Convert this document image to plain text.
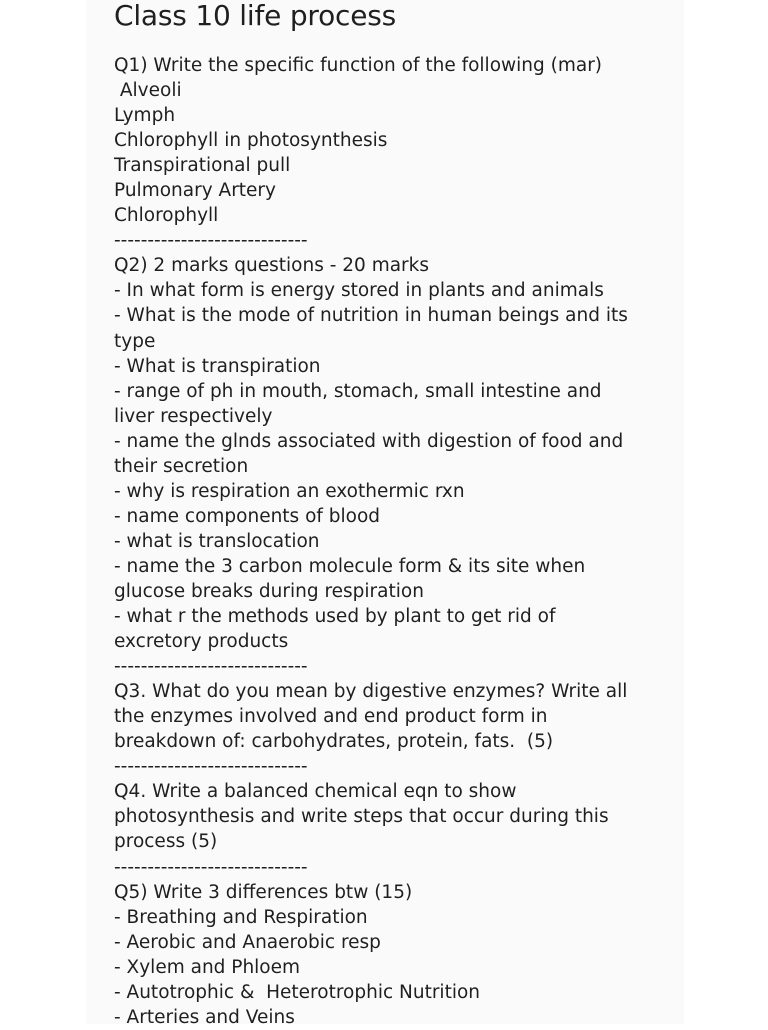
Class 10 life process
Q1) Write the specific function of the following (mar)
Alveoli
Lymph
Chlorophyll in photosynthesis
Transpirational pull
Pulmonary Artery
Chlorophyll
-----------------------------
Q2) 2 marks questions - 20 marks
- In what form is energy stored in plants and animals
- What is the mode of nutrition in human beings and its
type
- What is transpiration
- range of ph in mouth, stomach, small intestine and
liver respectively
- name the glnds associated with digestion of food and
their secretion
- why is respiration an exothermic rxn
- name components of blood
- what is translocation
- name the 3 carbon molecule form & its site when
glucose breaks during respiration
- what r the methods used by plant to get rid of
excretory products
-----------------------------
Q3. What do you mean by digestive enzymes? Write all
the enzymes involved and end product form in
breakdown of: carbohydrates, protein, fats.  (5)
-----------------------------
Q4. Write a balanced chemical eqn to show
photosynthesis and write steps that occur during this
process (5)
-----------------------------
Q5) Write 3 differences btw (15)
- Breathing and Respiration
- Aerobic and Anaerobic resp
- Xylem and Phloem
- Autotrophic &  Heterotrophic Nutrition
- Arteries and Veins
